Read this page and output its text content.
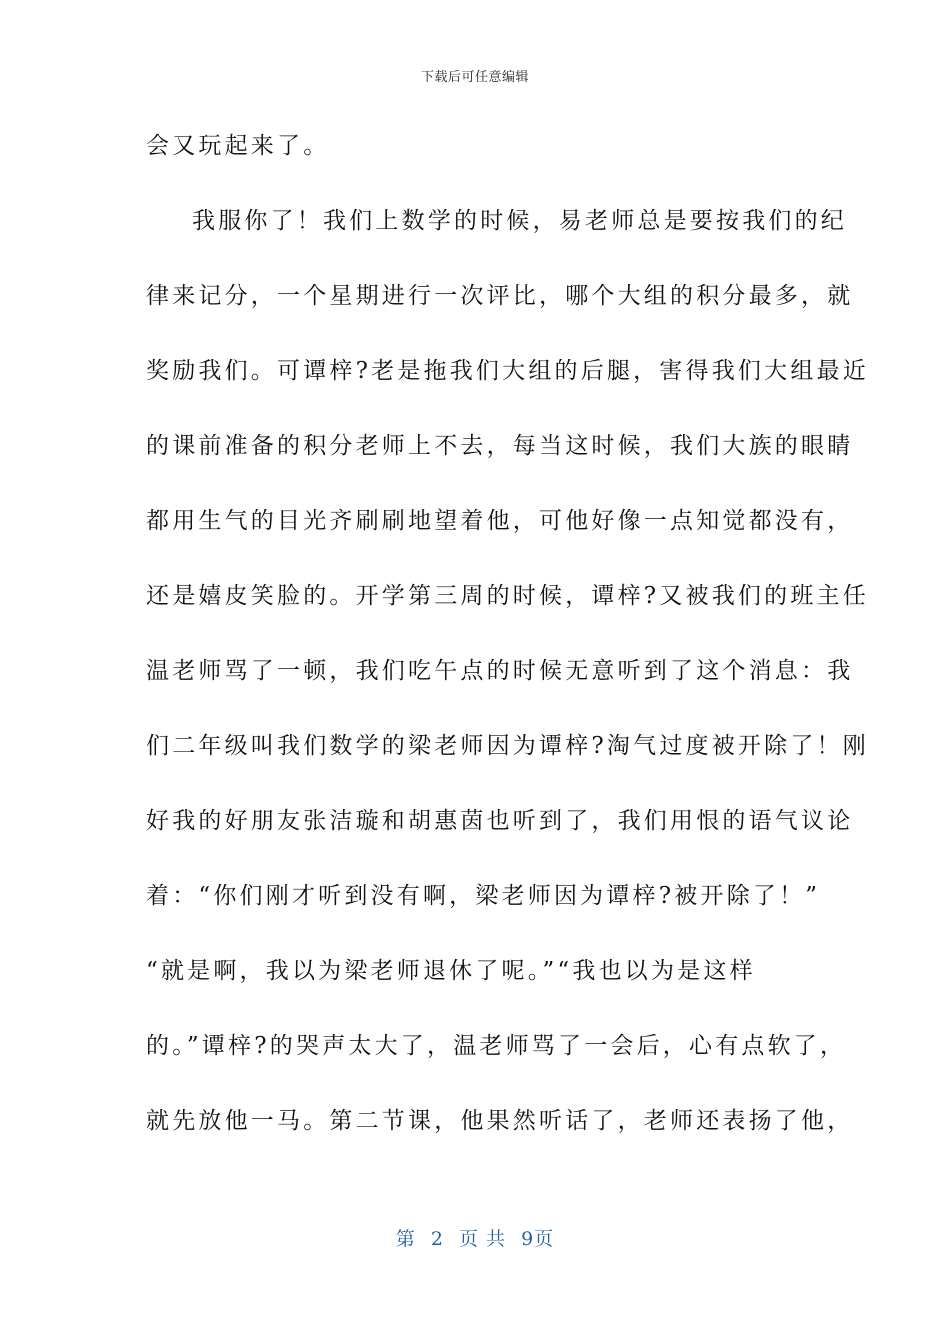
下载后可任意编辑
会又玩起来了。
我服你了！我们上数学的时候，易老师总是要按我们的纪
律来记分，一个星期进行一次评比，哪个大组的积分最多，就
奖励我们。可谭梓?老是拖我们大组的后腿，害得我们大组最近
的课前准备的积分老师上不去，每当这时候，我们大族的眼睛
都用生气的目光齐刷刷地望着他，可他好像一点知觉都没有，
还是嬉皮笑脸的。开学第三周的时候，谭梓?又被我们的班主任
温老师骂了一顿，我们吃午点的时候无意听到了这个消息：我
们二年级叫我们数学的梁老师因为谭梓?淘气过度被开除了！刚
好我的好朋友张洁璇和胡惠茵也听到了，我们用恨的语气议论
着：“你们刚才听到没有啊，梁老师因为谭梓?被开除了！”
“就是啊，我以为梁老师退休了呢。”“我也以为是这样
的。”谭梓?的哭声太大了，温老师骂了一会后，心有点软了，
就先放他一马。第二节课，他果然听话了，老师还表扬了他，
第 2 页 共 9页
